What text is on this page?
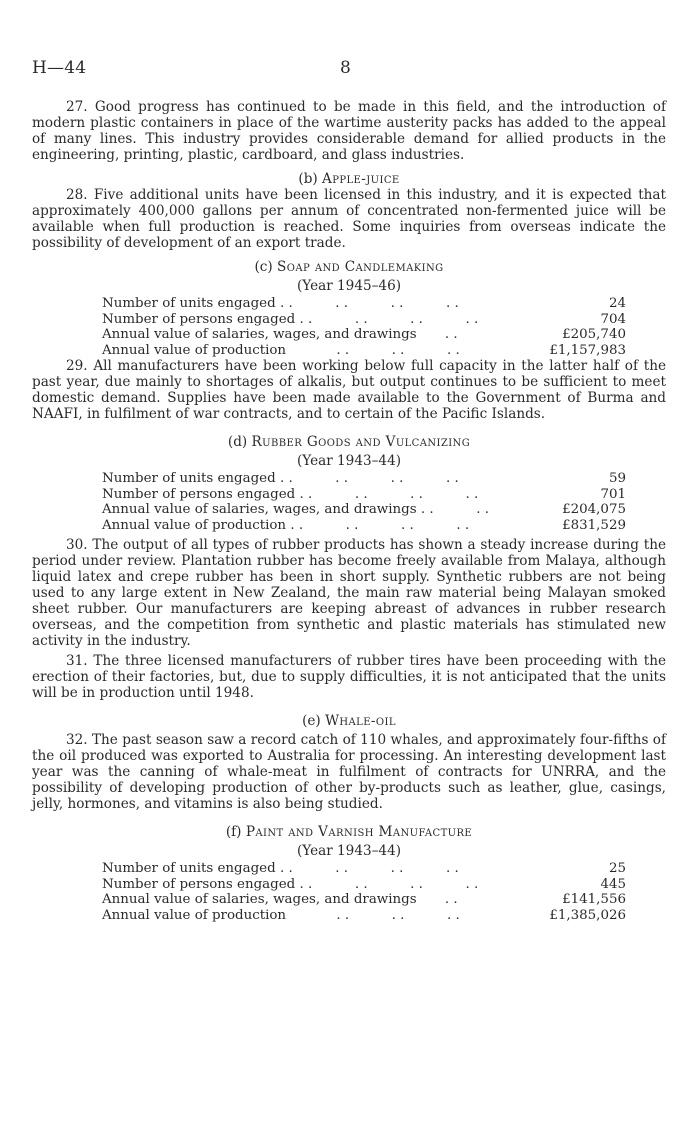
H—44	8

27. Good progress has continued to be made in this field, and the introduction of modern plastic containers in place of the wartime austerity packs has added to the appeal of many lines. This industry provides considerable demand for allied products in the engineering, printing, plastic, cardboard, and glass industries.

(b) Apple-juice

28. Five additional units have been licensed in this industry, and it is expected that approximately 400,000 gallons per annum of concentrated non-fermented juice will be available when full production is reached. Some inquiries from overseas indicate the possibility of development of an export trade.

(c) Soap and Candlemaking

(Year 1945–46)

Number of units engaged . .          . .          . .          . .	24
Number of persons engaged . .          . .          . .          . .	704
Annual value of salaries, wages, and drawings . .	£205,740
Annual value of production . .          . .          . .	£1,157,983

29. All manufacturers have been working below full capacity in the latter half of the past year, due mainly to shortages of alkalis, but output continues to be sufficient to meet domestic demand. Supplies have been made available to the Government of Burma and NAAFI, in fulfilment of war contracts, and to certain of the Pacific Islands.

(d) Rubber Goods and Vulcanizing

(Year 1943–44)

Number of units engaged . .          . .          . .          . .	59
Number of persons engaged . .          . .          . .          . .	701
Annual value of salaries, wages, and drawings . .          . .	£204,075
Annual value of production . .          . .          . .          . .	£831,529

30. The output of all types of rubber products has shown a steady increase during the period under review. Plantation rubber has become freely available from Malaya, although liquid latex and crepe rubber has been in short supply. Synthetic rubbers are not being used to any large extent in New Zealand, the main raw material being Malayan smoked sheet rubber. Our manufacturers are keeping abreast of advances in rubber research overseas, and the competition from synthetic and plastic materials has stimulated new activity in the industry.

31. The three licensed manufacturers of rubber tires have been proceeding with the erection of their factories, but, due to supply difficulties, it is not anticipated that the units will be in production until 1948.

(e) Whale-oil

32. The past season saw a record catch of 110 whales, and approximately four-fifths of the oil produced was exported to Australia for processing. An interesting development last year was the canning of whale-meat in fulfilment of contracts for UNRRA, and the possibility of developing production of other by-products such as leather, glue, casings, jelly, hormones, and vitamins is also being studied.

(f) Paint and Varnish Manufacture

(Year 1943–44)

Number of units engaged . .          . .          . .          . .	25
Number of persons engaged . .          . .          . .          . .	445
Annual value of salaries, wages, and drawings . .	£141,556
Annual value of production . .          . .          . .	£1,385,026
